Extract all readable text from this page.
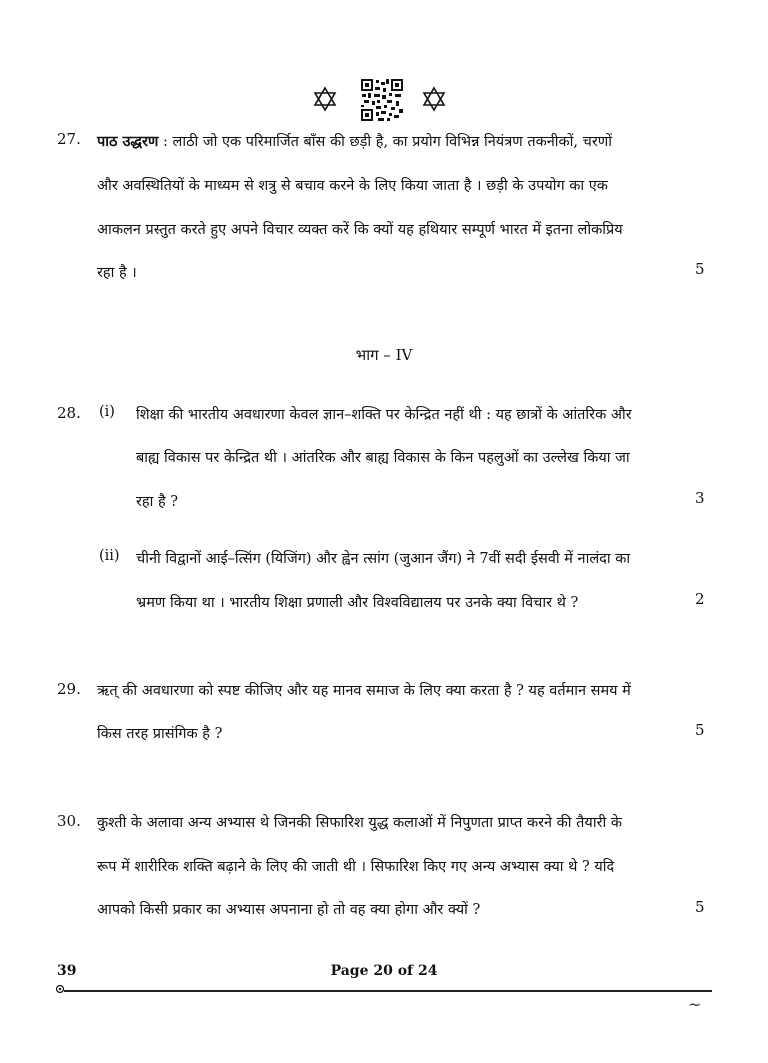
27. पाठ उद्धरण : लाठी जो एक परिमार्जित बाँस की छड़ी है, का प्रयोग विभिन्न नियंत्रण तकनीकों, चरणों
और अवस्थितियों के माध्यम से शत्रु से बचाव करने के लिए किया जाता है । छड़ी के उपयोग का एक
आकलन प्रस्तुत करते हुए अपने विचार व्यक्त करें कि क्यों यह हथियार सम्पूर्ण भारत में इतना लोकप्रिय
रहा है ।	5
भाग – IV
28. (i) शिक्षा की भारतीय अवधारणा केवल ज्ञान–शक्ति पर केन्द्रित नहीं थी : यह छात्रों के आंतरिक और
बाह्य विकास पर केन्द्रित थी । आंतरिक और बाह्य विकास के किन पहलुओं का उल्लेख किया जा
रहा है ?	3
(ii) चीनी विद्वानों आई–त्सिंग (यिजिंग) और ह्वेन त्सांग (जुआन जैंग) ने 7वीं सदी ईसवी में नालंदा का
भ्रमण किया था । भारतीय शिक्षा प्रणाली और विश्वविद्यालय पर उनके क्या विचार थे ?	2
29. ऋत् की अवधारणा को स्पष्ट कीजिए और यह मानव समाज के लिए क्या करता है ? यह वर्तमान समय में
किस तरह प्रासंगिक है ?	5
30. कुश्ती के अलावा अन्य अभ्यास थे जिनकी सिफारिश युद्ध कलाओं में निपुणता प्राप्त करने की तैयारी के
रूप में शारीरिक शक्ति बढ़ाने के लिए की जाती थी । सिफारिश किए गए अन्य अभ्यास क्या थे ? यदि
आपको किसी प्रकार का अभ्यास अपनाना हो तो वह क्या होगा और क्यों ?	5
39	Page 20 of 24
~
